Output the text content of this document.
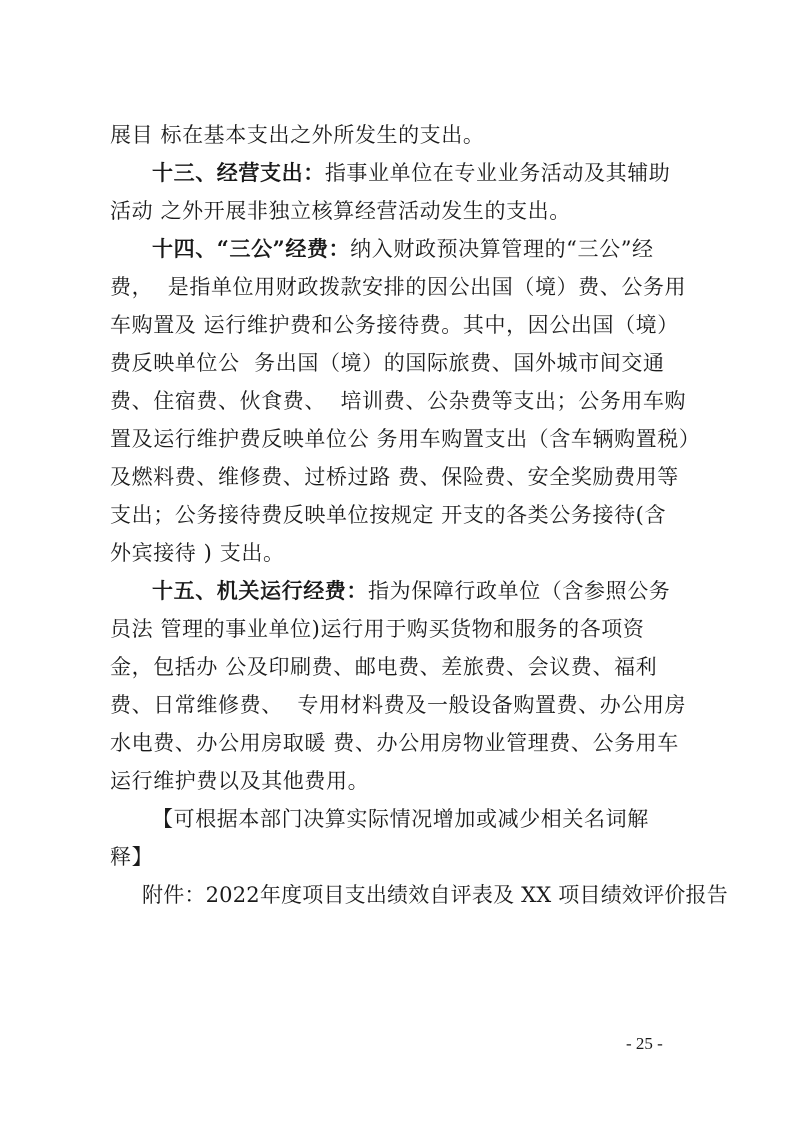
展目 标在基本支出之外所发生的支出。
十三、经营支出：指事业单位在专业业务活动及其辅助
活动 之外开展非独立核算经营活动发生的支出。
十四、“三公”经费：纳入财政预决算管理的“三公”经
费，  是指单位用财政拨款安排的因公出国（境）费、公务用
车购置及 运行维护费和公务接待费。其中，因公出国（境）
费反映单位公  务出国（境）的国际旅费、国外城市间交通
费、住宿费、伙食费、  培训费、公杂费等支出；公务用车购
置及运行维护费反映单位公 务用车购置支出（含车辆购置税）
及燃料费、维修费、过桥过路 费、保险费、安全奖励费用等
支出；公务接待费反映单位按规定 开支的各类公务接待(含
外宾接待 ) 支出。
十五、机关运行经费：指为保障行政单位（含参照公务
员法 管理的事业单位)运行用于购买货物和服务的各项资
金，包括办 公及印刷费、邮电费、差旅费、会议费、福利
费、日常维修费、  专用材料费及一般设备购置费、办公用房
水电费、办公用房取暖 费、办公用房物业管理费、公务用车
运行维护费以及其他费用。
【可根据本部门决算实际情况增加或减少相关名词解
释】
附件：2022年度项目支出绩效自评表及 XX 项目绩效评价报告
- 25 -
